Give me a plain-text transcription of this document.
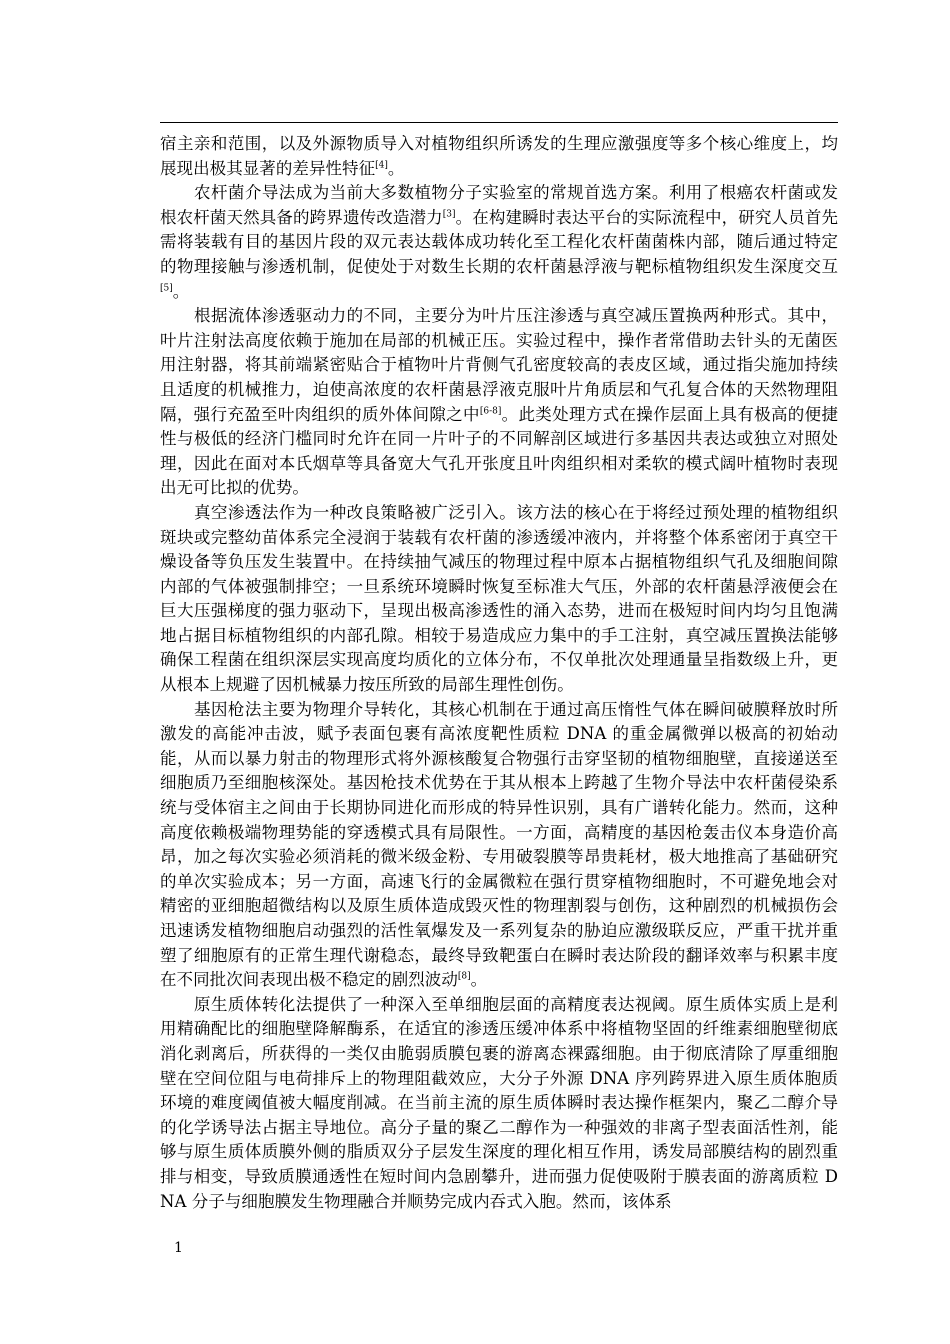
宿主亲和范围，以及外源物质导入对植物组织所诱发的生理应激强度等多个核心维度上，均展现出极其显著的差异性特征[4]。

农杆菌介导法成为当前大多数植物分子实验室的常规首选方案。利用了根癌农杆菌或发根农杆菌天然具备的跨界遗传改造潜力[3]。在构建瞬时表达平台的实际流程中，研究人员首先需将装载有目的基因片段的双元表达载体成功转化至工程化农杆菌菌株内部，随后通过特定的物理接触与渗透机制，促使处于对数生长期的农杆菌悬浮液与靶标植物组织发生深度交互[5]。

根据流体渗透驱动力的不同，主要分为叶片压注渗透与真空减压置换两种形式。其中，叶片注射法高度依赖于施加在局部的机械正压。实验过程中，操作者常借助去针头的无菌医用注射器，将其前端紧密贴合于植物叶片背侧气孔密度较高的表皮区域，通过指尖施加持续且适度的机械推力，迫使高浓度的农杆菌悬浮液克服叶片角质层和气孔复合体的天然物理阻隔，强行充盈至叶肉组织的质外体间隙之中[6-8]。此类处理方式在操作层面上具有极高的便捷性与极低的经济门槛同时允许在同一片叶子的不同解剖区域进行多基因共表达或独立对照处理，因此在面对本氏烟草等具备宽大气孔开张度且叶肉组织相对柔软的模式阔叶植物时表现出无可比拟的优势。

真空渗透法作为一种改良策略被广泛引入。该方法的核心在于将经过预处理的植物组织斑块或完整幼苗体系完全浸润于装载有农杆菌的渗透缓冲液内，并将整个体系密闭于真空干燥设备等负压发生装置中。在持续抽气减压的物理过程中原本占据植物组织气孔及细胞间隙内部的气体被强制排空；一旦系统环境瞬时恢复至标准大气压，外部的农杆菌悬浮液便会在巨大压强梯度的强力驱动下，呈现出极高渗透性的涌入态势，进而在极短时间内均匀且饱满地占据目标植物组织的内部孔隙。相较于易造成应力集中的手工注射，真空减压置换法能够确保工程菌在组织深层实现高度均质化的立体分布，不仅单批次处理通量呈指数级上升，更从根本上规避了因机械暴力按压所致的局部生理性创伤。

基因枪法主要为物理介导转化，其核心机制在于通过高压惰性气体在瞬间破膜释放时所激发的高能冲击波，赋予表面包裹有高浓度靶性质粒 DNA 的重金属微弹以极高的初始动能，从而以暴力射击的物理形式将外源核酸复合物强行击穿坚韧的植物细胞壁，直接递送至细胞质乃至细胞核深处。基因枪技术优势在于其从根本上跨越了生物介导法中农杆菌侵染系统与受体宿主之间由于长期协同进化而形成的特异性识别，具有广谱转化能力。然而，这种高度依赖极端物理势能的穿透模式具有局限性。一方面，高精度的基因枪轰击仪本身造价高昂，加之每次实验必须消耗的微米级金粉、专用破裂膜等昂贵耗材，极大地推高了基础研究的单次实验成本；另一方面，高速飞行的金属微粒在强行贯穿植物细胞时，不可避免地会对精密的亚细胞超微结构以及原生质体造成毁灭性的物理割裂与创伤，这种剧烈的机械损伤会迅速诱发植物细胞启动强烈的活性氧爆发及一系列复杂的胁迫应激级联反应，严重干扰并重塑了细胞原有的正常生理代谢稳态，最终导致靶蛋白在瞬时表达阶段的翻译效率与积累丰度在不同批次间表现出极不稳定的剧烈波动[8]。

原生质体转化法提供了一种深入至单细胞层面的高精度表达视阈。原生质体实质上是利用精确配比的细胞壁降解酶系，在适宜的渗透压缓冲体系中将植物坚固的纤维素细胞壁彻底消化剥离后，所获得的一类仅由脆弱质膜包裹的游离态裸露细胞。由于彻底清除了厚重细胞壁在空间位阻与电荷排斥上的物理阻截效应，大分子外源 DNA 序列跨界进入原生质体胞质环境的难度阈值被大幅度削减。在当前主流的原生质体瞬时表达操作框架内，聚乙二醇介导的化学诱导法占据主导地位。高分子量的聚乙二醇作为一种强效的非离子型表面活性剂，能够与原生质体质膜外侧的脂质双分子层发生深度的理化相互作用，诱发局部膜结构的剧烈重排与相变，导致质膜通透性在短时间内急剧攀升，进而强力促使吸附于膜表面的游离质粒 DNA 分子与细胞膜发生物理融合并顺势完成内吞式入胞。然而，该体系

1
